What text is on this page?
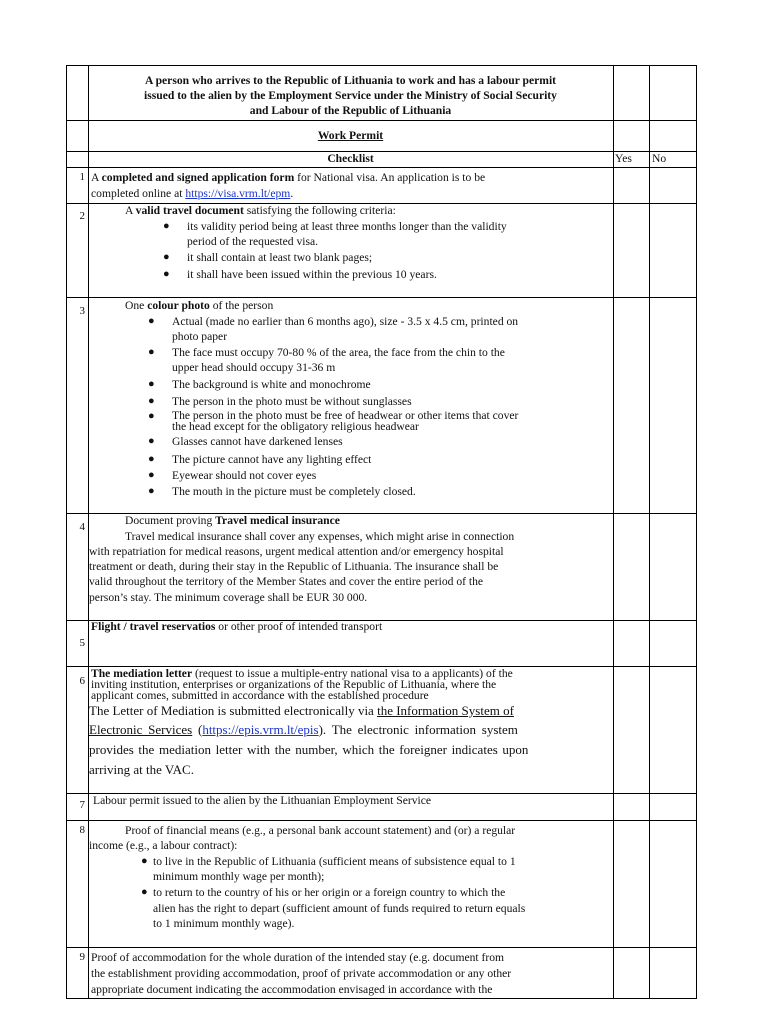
A person who arrives to the Republic of Lithuania to work and has a labour permit
issued to the alien by the Employment Service under the Ministry of Social Security
and Labour of the Republic of Lithuania
Work Permit
Checklist	Yes No
1 A completed and signed application form for National visa. An application is to be
completed online at https://visa.vrm.lt/epm.
2	A valid travel document satisfying the following criteria:
● its validity period being at least three months longer than the validity
period of the requested visa.
● it shall contain at least two blank pages;
● it shall have been issued within the previous 10 years.
3	One colour photo of the person
● Actual (made no earlier than 6 months ago), size - 3.5 x 4.5 cm, printed on
photo paper
● The face must occupy 70-80 % of the area, the face from the chin to the
upper head should occupy 31-36 m
● The background is white and monochrome
● The person in the photo must be without sunglasses
● The person in the photo must be free of headwear or other items that cover
the head except for the obligatory religious headwear
● Glasses cannot have darkened lenses
● The picture cannot have any lighting effect
● Eyewear should not cover eyes
● The mouth in the picture must be completely closed.
4	Document proving Travel medical insurance
Travel medical insurance shall cover any expenses, which might arise in connection
with repatriation for medical reasons, urgent medical attention and/or emergency hospital
treatment or death, during their stay in the Republic of Lithuania. The insurance shall be
valid throughout the territory of the Member States and cover the entire period of the
person’s stay. The minimum coverage shall be EUR 30 000.
5
Flight / travel reservatios or other proof of intended transport
6
The mediation letter (request to issue a multiple-entry national visa to a applicants) of the
inviting institution, enterprises or organizations of the Republic of Lithuania, where the
applicant comes, submitted in accordance with the established procedure
The Letter of Mediation is submitted electronically via the Information System of
Electronic Services (https://epis.vrm.lt/epis). The electronic information system
provides the mediation letter with the number, which the foreigner indicates upon
arriving at the VAC.
7 Labour permit issued to the alien by the Lithuanian Employment Service
8	Proof of financial means (e.g., a personal bank account statement) and (or) a regular
income (e.g., a labour contract):
● to live in the Republic of Lithuania (sufficient means of subsistence equal to 1
minimum monthly wage per month);
● to return to the country of his or her origin or a foreign country to which the
alien has the right to depart (sufficient amount of funds required to return equals
to 1 minimum monthly wage).
9 Proof of accommodation for the whole duration of the intended stay (e.g. document from
the establishment providing accommodation, proof of private accommodation or any other
appropriate document indicating the accommodation envisaged in accordance with the
